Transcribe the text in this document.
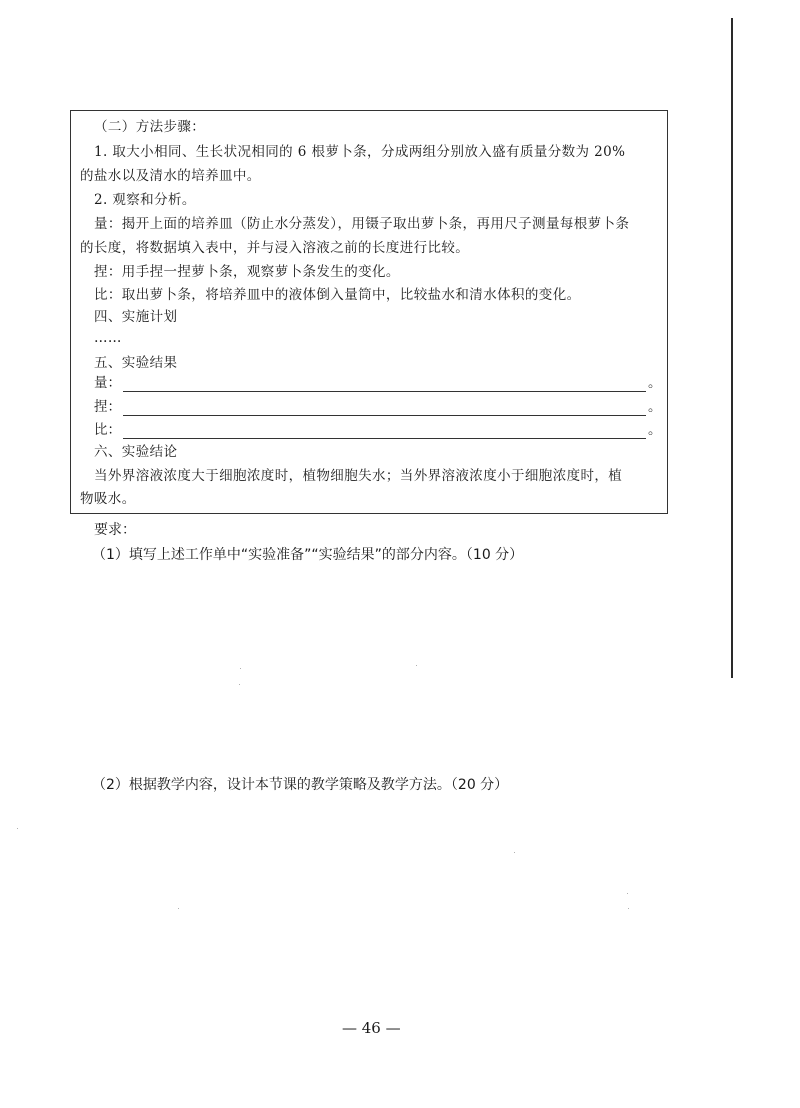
（二）方法步骤：
1. 取大小相同、生长状况相同的 6 根萝卜条，分成两组分别放入盛有质量分数为 20%
的盐水以及清水的培养皿中。
2. 观察和分析。
量：揭开上面的培养皿（防止水分蒸发），用镊子取出萝卜条，再用尺子测量每根萝卜条
的长度，将数据填入表中，并与浸入溶液之前的长度进行比较。
捏：用手捏一捏萝卜条，观察萝卜条发生的变化。
比：取出萝卜条，将培养皿中的液体倒入量筒中，比较盐水和清水体积的变化。
四、实施计划
……
五、实验结果
量：	。
捏：	。
比：	。
六、实验结论
当外界溶液浓度大于细胞浓度时，植物细胞失水；当外界溶液浓度小于细胞浓度时，植
物吸水。
要求：
（1）填写上述工作单中“实验准备”“实验结果”的部分内容。（10 分）
（2）根据教学内容，设计本节课的教学策略及教学方法。（20 分）
— 46 —
